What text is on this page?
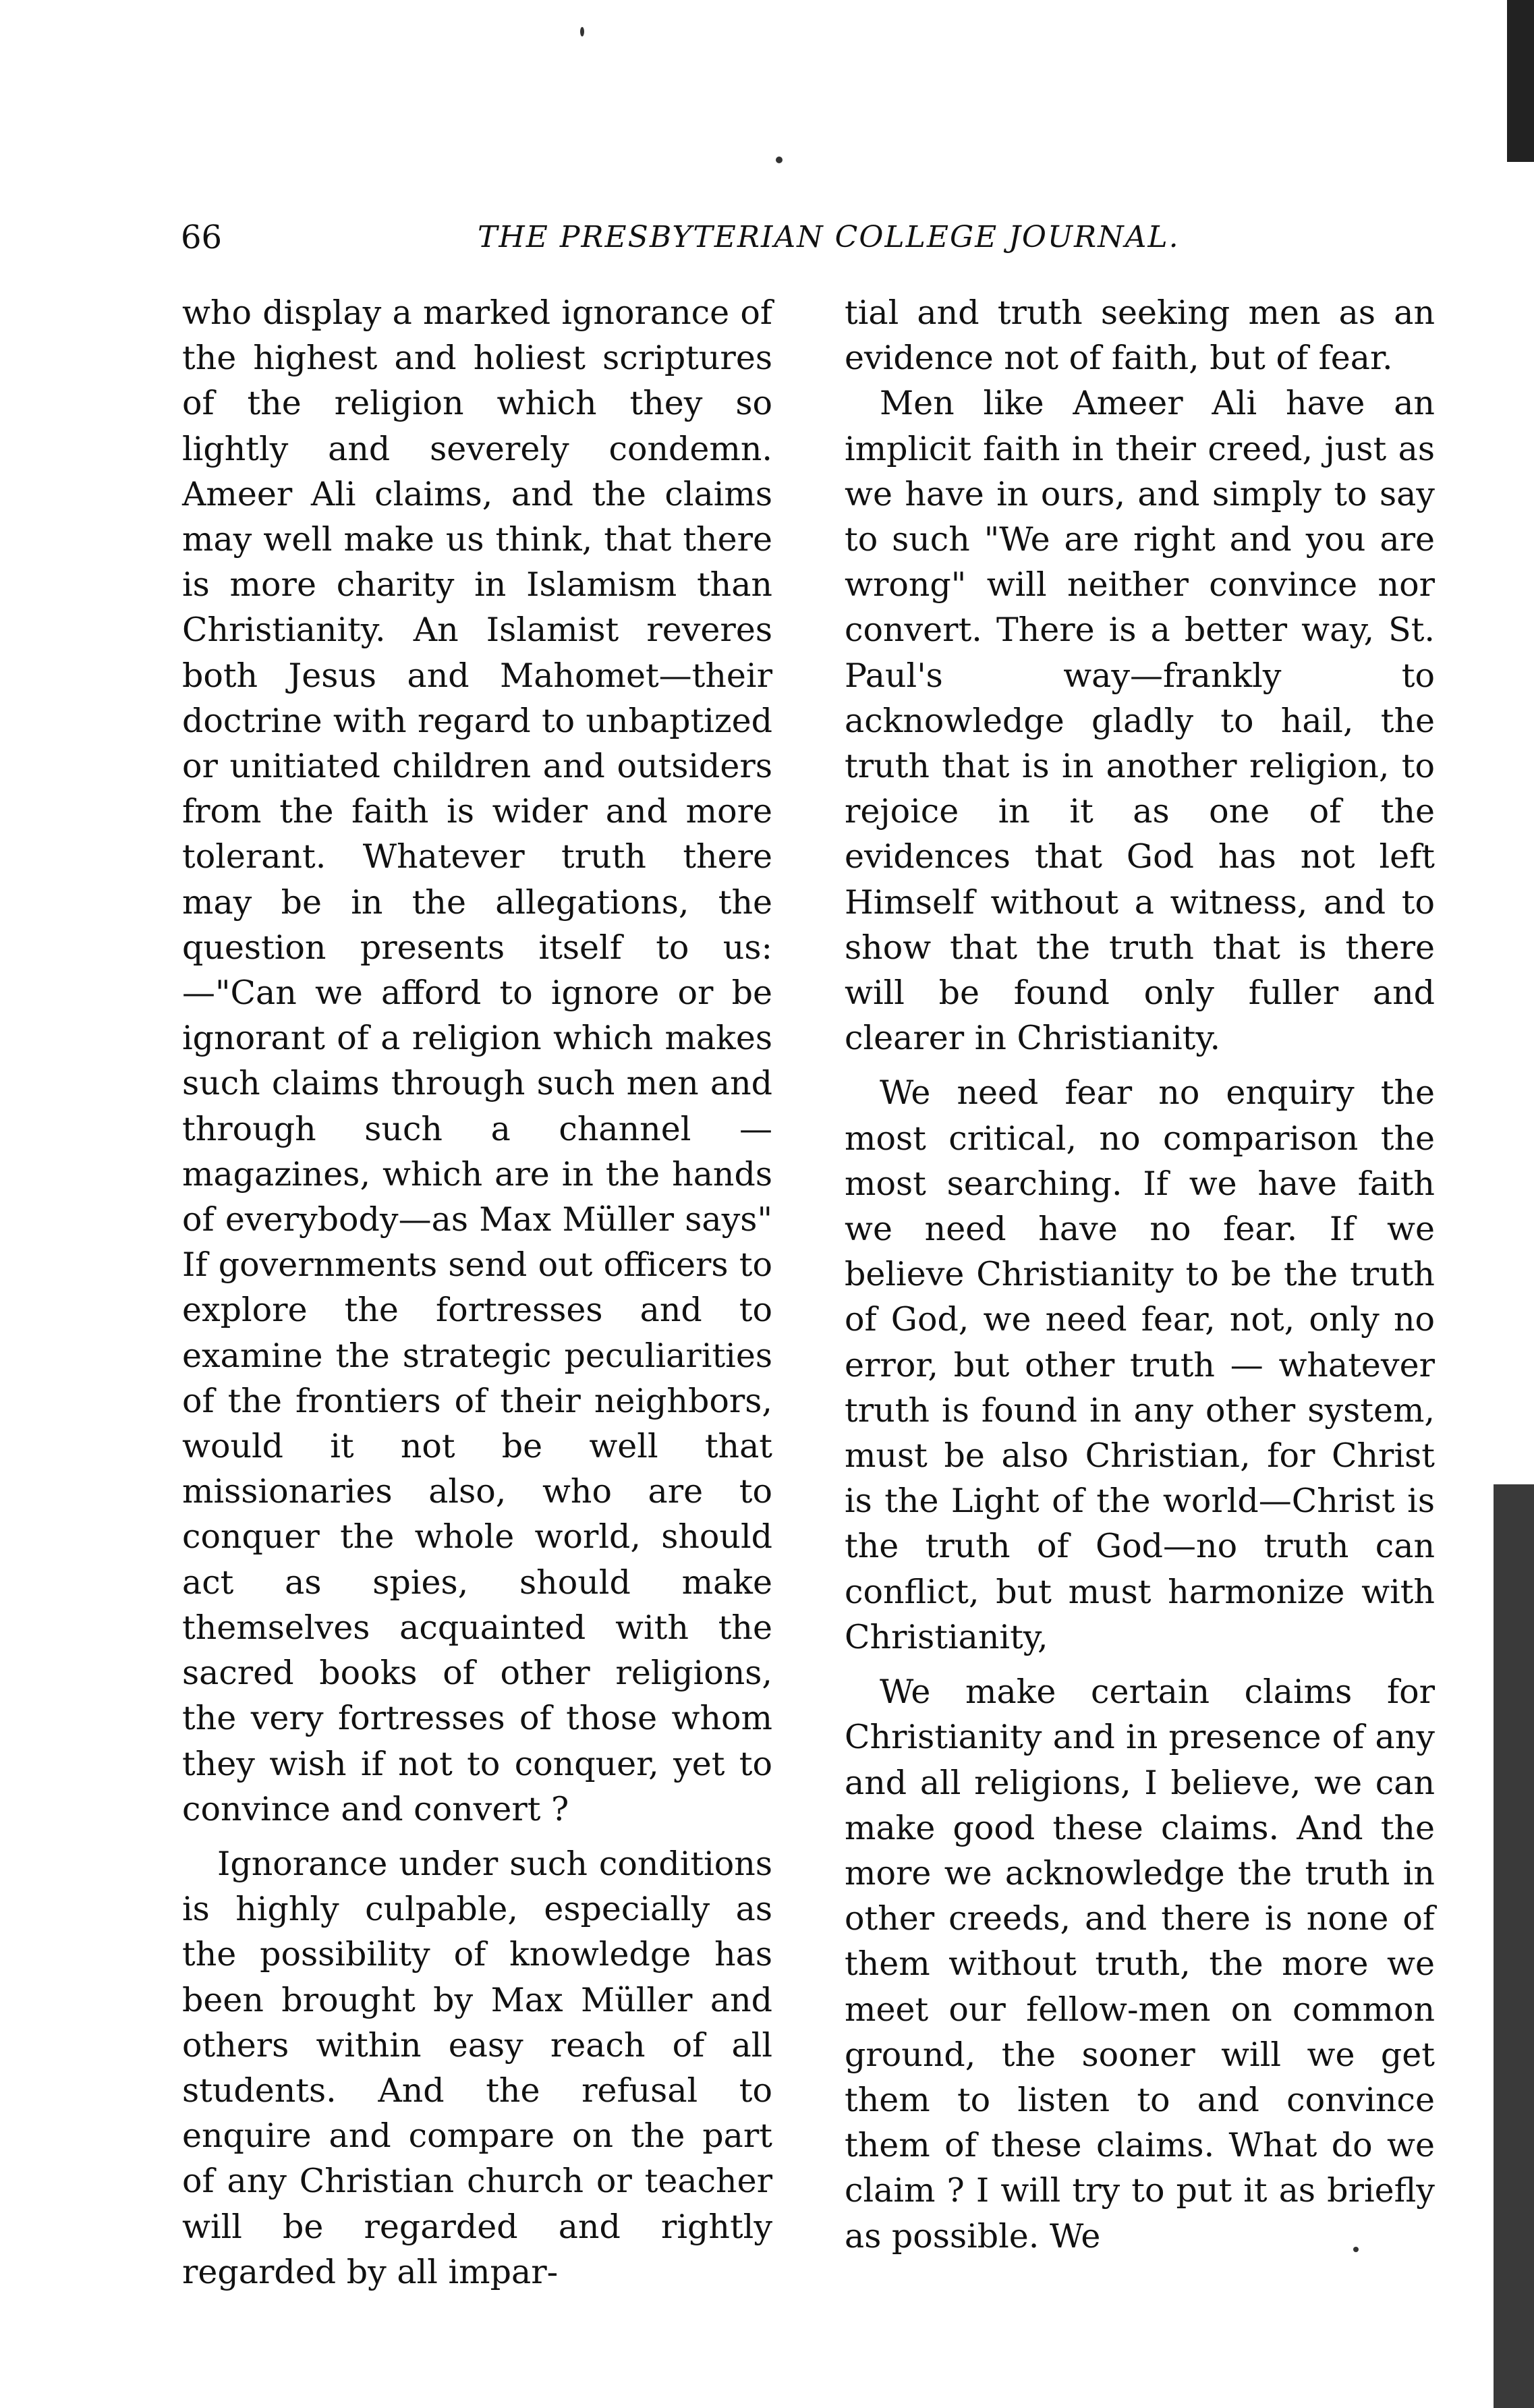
66	THE PRESBYTERIAN COLLEGE JOURNAL.

who display a marked ignorance of the highest and holiest scriptures of the religion which they so lightly and severely condemn. Ameer Ali claims, and the claims may well make us think, that there is more charity in Islamism than Christianity. An Islamist reveres both Jesus and Mahomet—their doctrine with regard to unbaptized or unitiated children and outsiders from the faith is wider and more tolerant. Whatever truth there may be in the allegations, the question presents itself to us:—"Can we afford to ignore or be ignorant of a religion which makes such claims through such men and through such a channel —magazines, which are in the hands of everybody—as Max Müller says" If governments send out officers to explore the fortresses and to examine the strategic peculiarities of the frontiers of their neighbors, would it not be well that missionaries also, who are to conquer the whole world, should act as spies, should make themselves acquainted with the sacred books of other religions, the very fortresses of those whom they wish if not to conquer, yet to convince and convert ?

Ignorance under such conditions is highly culpable, especially as the possibility of knowledge has been brought by Max Müller and others within easy reach of all students. And the refusal to enquire and compare on the part of any Christian church or teacher will be regarded and rightly regarded by all impar-

tial and truth seeking men as an evidence not of faith, but of fear.

Men like Ameer Ali have an implicit faith in their creed, just as we have in ours, and simply to say to such "We are right and you are wrong" will neither convince nor convert. There is a better way, St. Paul's way—frankly to acknowledge gladly to hail, the truth that is in another religion, to rejoice in it as one of the evidences that God has not left Himself without a witness, and to show that the truth that is there will be found only fuller and clearer in Christianity.

We need fear no enquiry the most critical, no comparison the most searching. If we have faith we need have no fear. If we believe Christianity to be the truth of God, we need fear, not, only no error, but other truth — whatever truth is found in any other system, must be also Christian, for Christ is the Light of the world—Christ is the truth of God—no truth can conflict, but must harmonize with Christianity,

We make certain claims for Christianity and in presence of any and all religions, I believe, we can make good these claims. And the more we acknowledge the truth in other creeds, and there is none of them without truth, the more we meet our fellow-men on common ground, the sooner will we get them to listen to and convince them of these claims. What do we claim ? I will try to put it as briefly as possible. We
